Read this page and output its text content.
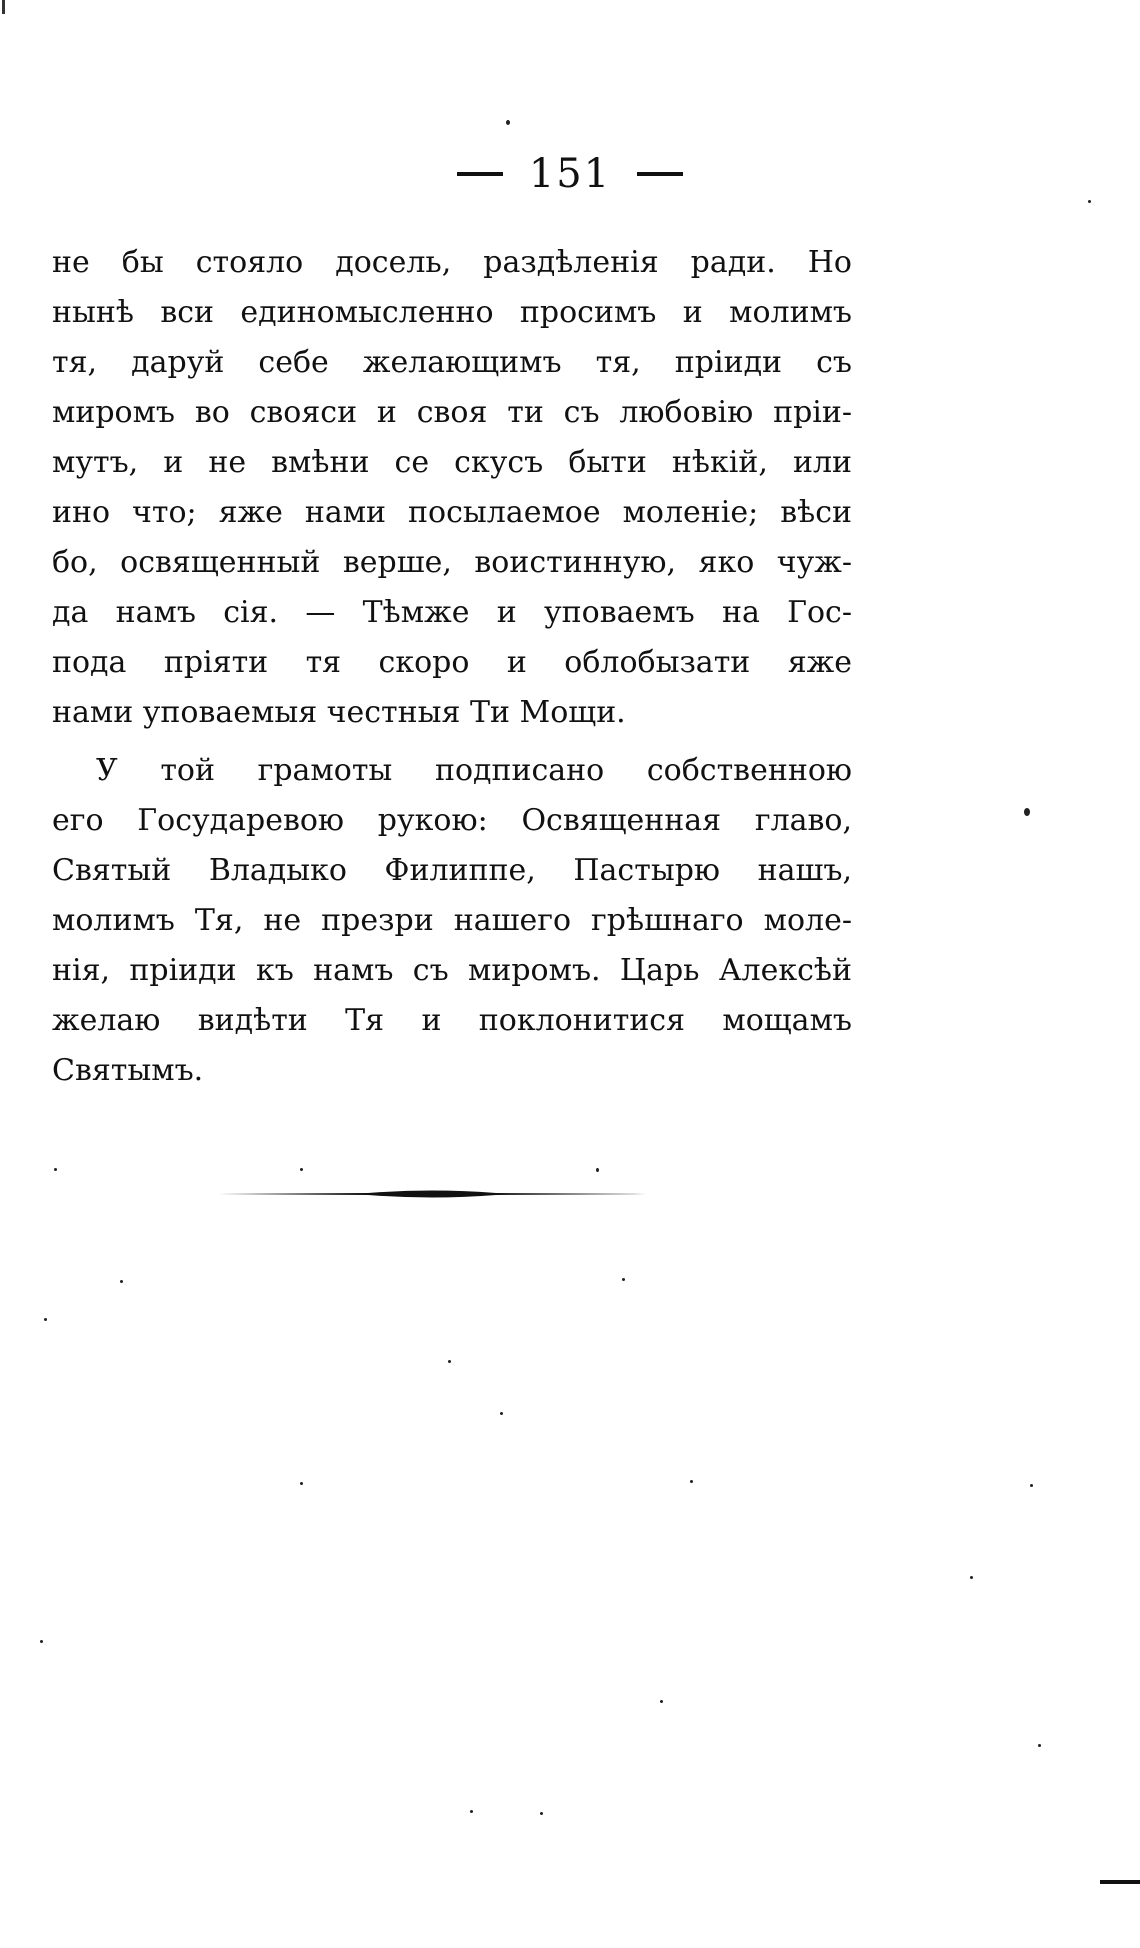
151
не бы стояло досель, раздѣленія ради. Но
нынѣ вси единомысленно просимъ и молимъ
тя, даруй себе желающимъ тя, пріиди съ
миромъ во свояси и своя ти съ любовію пріи-
мутъ, и не вмѣни се скусъ быти нѣкій, или
ино что; яже нами посылаемое моленіе; вѣси
бо, освященный верше, воистинную, яко чуж-
да намъ сія. — Тѣмже и уповаемъ на Гос-
пода пріяти тя скоро и облобызати яже
нами уповаемыя честныя Ти Мощи.
У той грамоты подписано собственною
его Государевою рукою: Освященная главо,
Святый Владыко Филиппе, Пастырю нашъ,
молимъ Тя, не презри нашего грѣшнаго моле-
нія, пріиди къ намъ съ миромъ. Царь Алексѣй
желаю видѣти Тя и поклонитися мощамъ
Святымъ.
